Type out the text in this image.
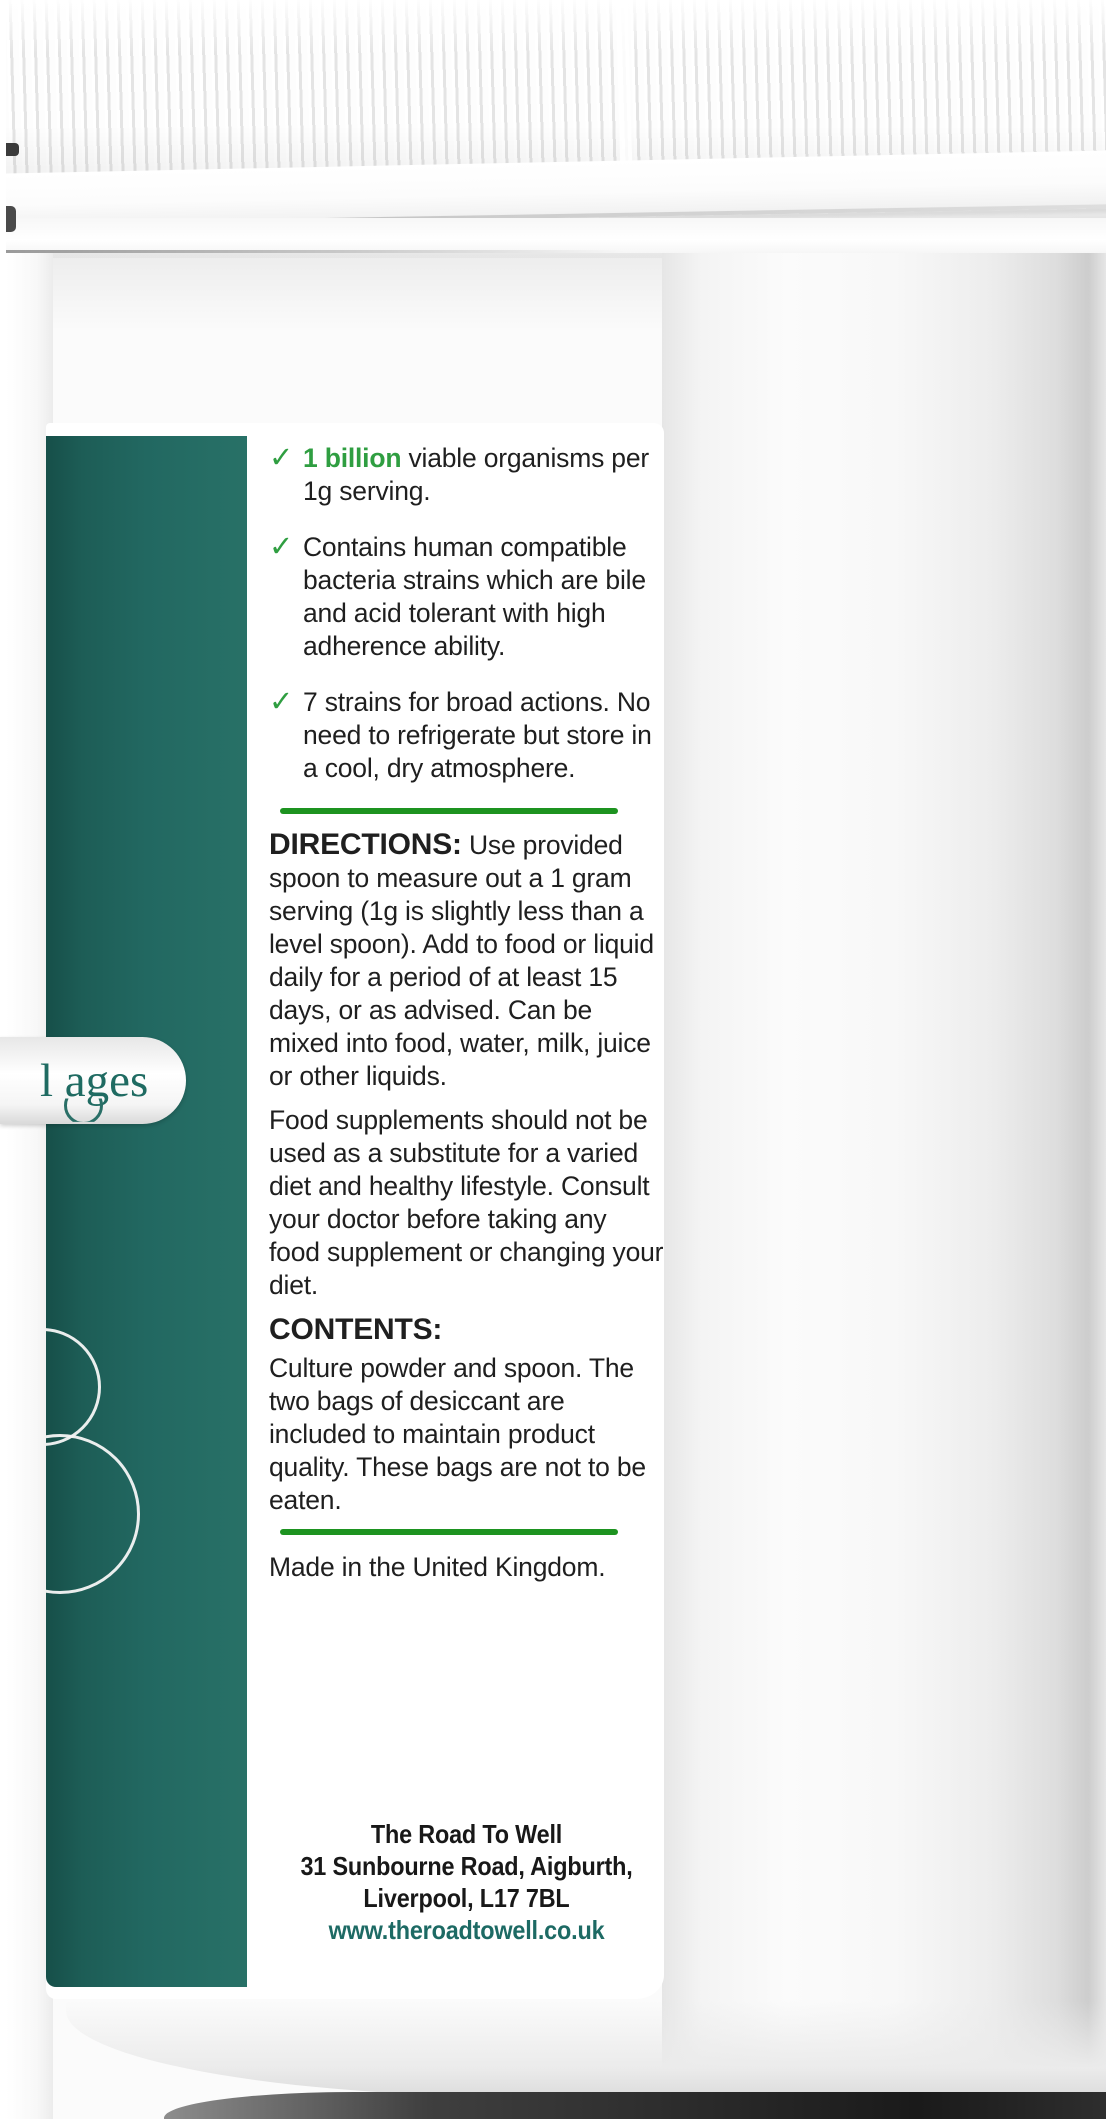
✓ 1 billion viable organisms per 1g serving.
✓ Contains human compatible bacteria strains which are bile and acid tolerant with high adherence ability.
✓ 7 strains for broad actions. No need to refrigerate but store in a cool, dry atmosphere.
DIRECTIONS: Use provided spoon to measure out a 1 gram serving (1g is slightly less than a level spoon). Add to food or liquid daily for a period of at least 15 days, or as advised. Can be mixed into food, water, milk, juice or other liquids.
Food supplements should not be used as a substitute for a varied diet and healthy lifestyle. Consult your doctor before taking any food supplement or changing your diet.
CONTENTS:
Culture powder and spoon. The two bags of desiccant are included to maintain product quality. These bags are not to be eaten.
Made in the United Kingdom.
The Road To Well
31 Sunbourne Road, Aigburth,
Liverpool, L17 7BL
www.theroadtowell.co.uk
l ages
